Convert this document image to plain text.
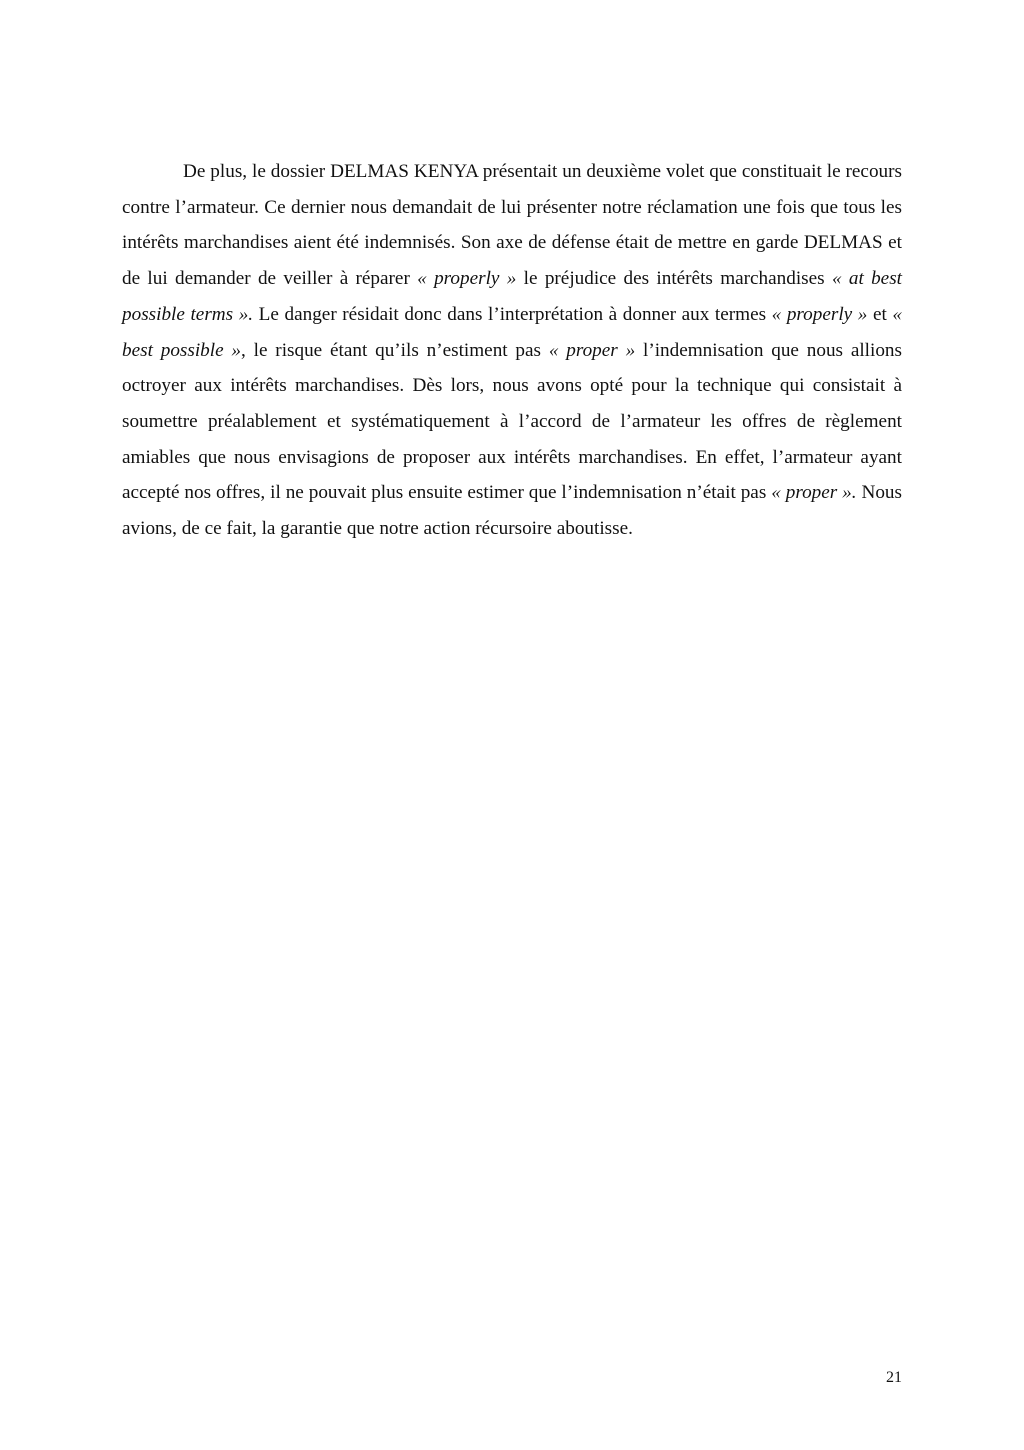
De plus, le dossier DELMAS KENYA présentait un deuxième volet que constituait le recours contre l’armateur. Ce dernier nous demandait de lui présenter notre réclamation une fois que tous les intérêts marchandises aient été indemnisés. Son axe de défense était de mettre en garde DELMAS et de lui demander de veiller à réparer « properly » le préjudice des intérêts marchandises « at best possible terms ». Le danger résidait donc dans l’interprétation à donner aux termes « properly » et « best possible », le risque étant qu’ils n’estiment pas « proper » l’indemnisation que nous allions octroyer aux intérêts marchandises. Dès lors, nous avons opté pour la technique qui consistait à soumettre préalablement et systématiquement à l’accord de l’armateur les offres de règlement amiables que nous envisagions de proposer aux intérêts marchandises. En effet, l’armateur ayant accepté nos offres, il ne pouvait plus ensuite estimer que l’indemnisation n’était pas « proper ». Nous avions, de ce fait, la garantie que notre action récursoire aboutisse.

21
